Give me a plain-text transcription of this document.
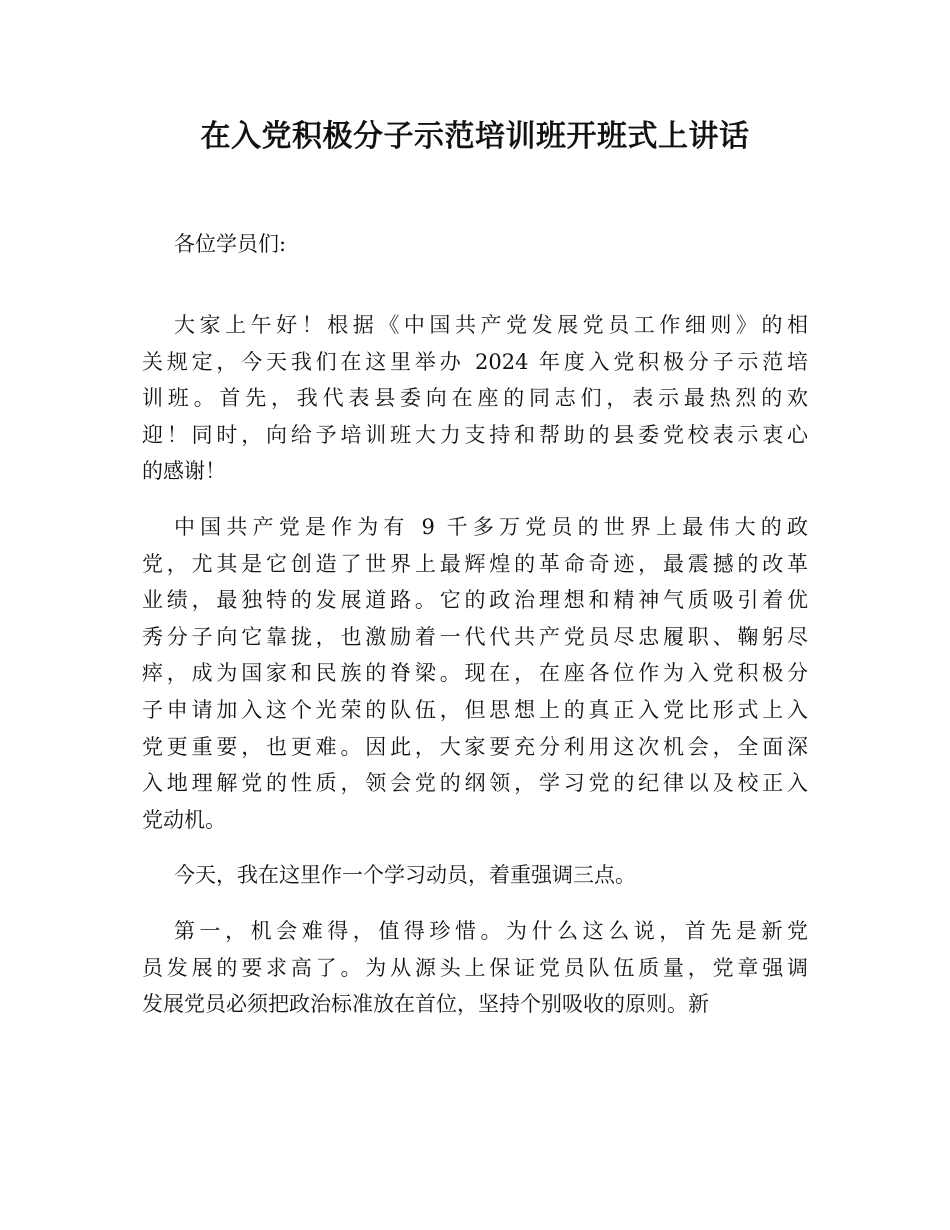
在入党积极分子示范培训班开班式上讲话
各位学员们:
大家上午好！根据《中国共产党发展党员工作细则》的相
关规定，今天我们在这里举办 2024 年度入党积极分子示范培
训班。首先，我代表县委向在座的同志们，表示最热烈的欢
迎！同时，向给予培训班大力支持和帮助的县委党校表示衷心
的感谢！
中国共产党是作为有 9 千多万党员的世界上最伟大的政
党，尤其是它创造了世界上最辉煌的革命奇迹，最震撼的改革
业绩，最独特的发展道路。它的政治理想和精神气质吸引着优
秀分子向它靠拢，也激励着一代代共产党员尽忠履职、鞠躬尽
瘁，成为国家和民族的脊梁。现在，在座各位作为入党积极分
子申请加入这个光荣的队伍，但思想上的真正入党比形式上入
党更重要，也更难。因此，大家要充分利用这次机会，全面深
入地理解党的性质，领会党的纲领，学习党的纪律以及校正入
党动机。
今天，我在这里作一个学习动员，着重强调三点。
第一，机会难得，值得珍惜。为什么这么说，首先是新党
员发展的要求高了。为从源头上保证党员队伍质量，党章强调
发展党员必须把政治标准放在首位，坚持个别吸收的原则。新
